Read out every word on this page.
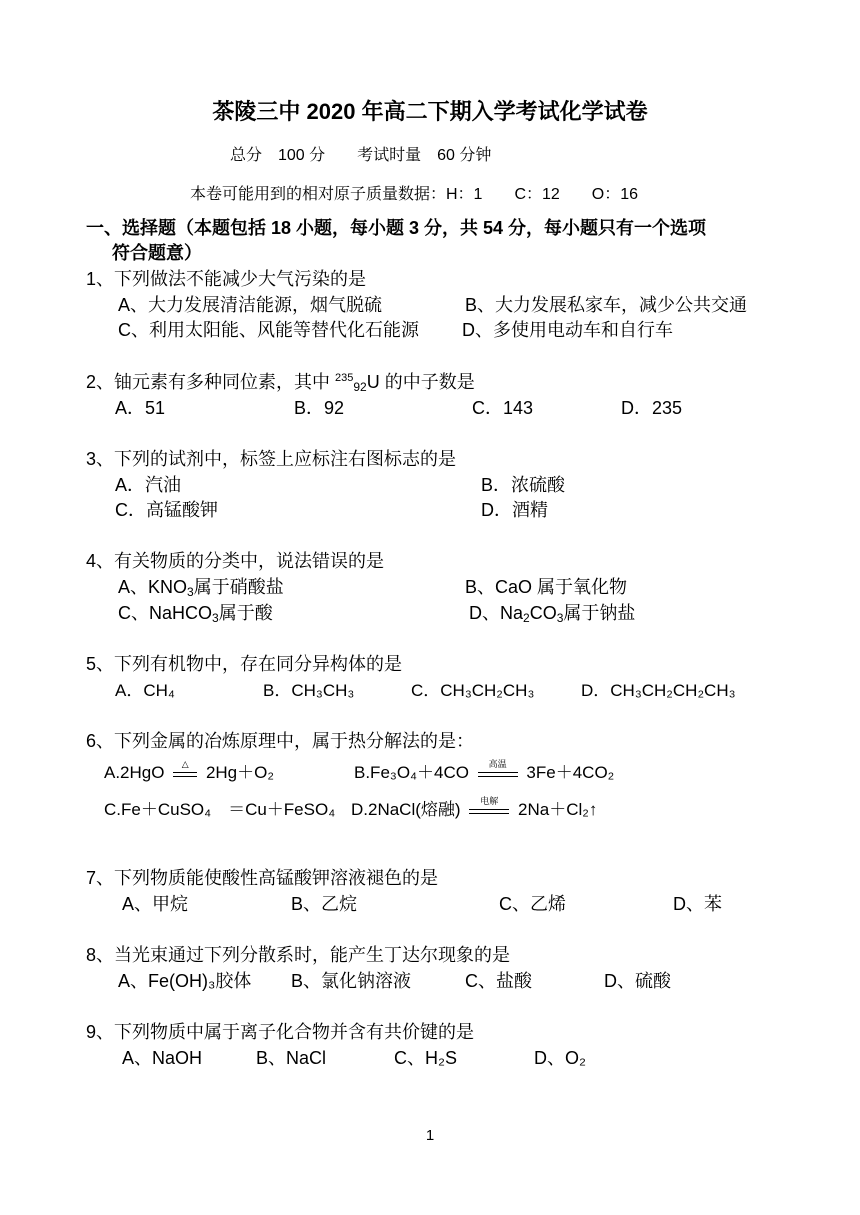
茶陵三中 2020 年高二下期入学考试化学试卷
总分　100 分　　考试时量　60 分钟
本卷可能用到的相对原子质量数据：H：1　　C：12　　O：16
一、选择题（本题包括 18 小题，每小题 3 分，共 54 分，每小题只有一个选项
符合题意）
1、下列做法不能减少大气污染的是
A、大力发展清洁能源，烟气脱硫	B、大力发展私家车，减少公共交通
C、利用太阳能、风能等替代化石能源 D、多使用电动车和自行车
2、铀元素有多种同位素，其中 $^{235}_{92}$U 的中子数是
A．51	B．92	C．143	D．235
3、下列的试剂中，标签上应标注右图标志的是
A．汽油	B．浓硫酸
C．高锰酸钾	D．酒精
4、有关物质的分类中，说法错误的是
A、$KNO_3$属于硝酸盐	B、CaO 属于氧化物
C、NaHCO$_3$属于酸	D、$Na_2CO_3$属于钠盐
5、下列有机物中，存在同分异构体的是
A．CH₄	B．CH₃CH₃	C．CH₃CH₂CH₃	D．CH₃CH₂CH₂CH₃
6、下列金属的冶炼原理中，属于热分解法的是：
A.2HgO	△	2Hg＋O₂	B.Fe₃O₄＋4CO	高温	3Fe＋4CO₂
C.Fe＋CuSO₄　＝Cu＋FeSO₄ D.2NaCl(熔融)	电解	2Na＋Cl₂↑
7、下列物质能使酸性高锰酸钾溶液褪色的是
A、甲烷	B、乙烷	C、乙烯	D、苯
8、当光束通过下列分散系时，能产生丁达尔现象的是
A、Fe(OH)₃胶体 B、氯化钠溶液	C、盐酸	D、硫酸
9、下列物质中属于离子化合物并含有共价键的是
A、NaOH	B、NaCl	C、H₂S	D、O₂
1
